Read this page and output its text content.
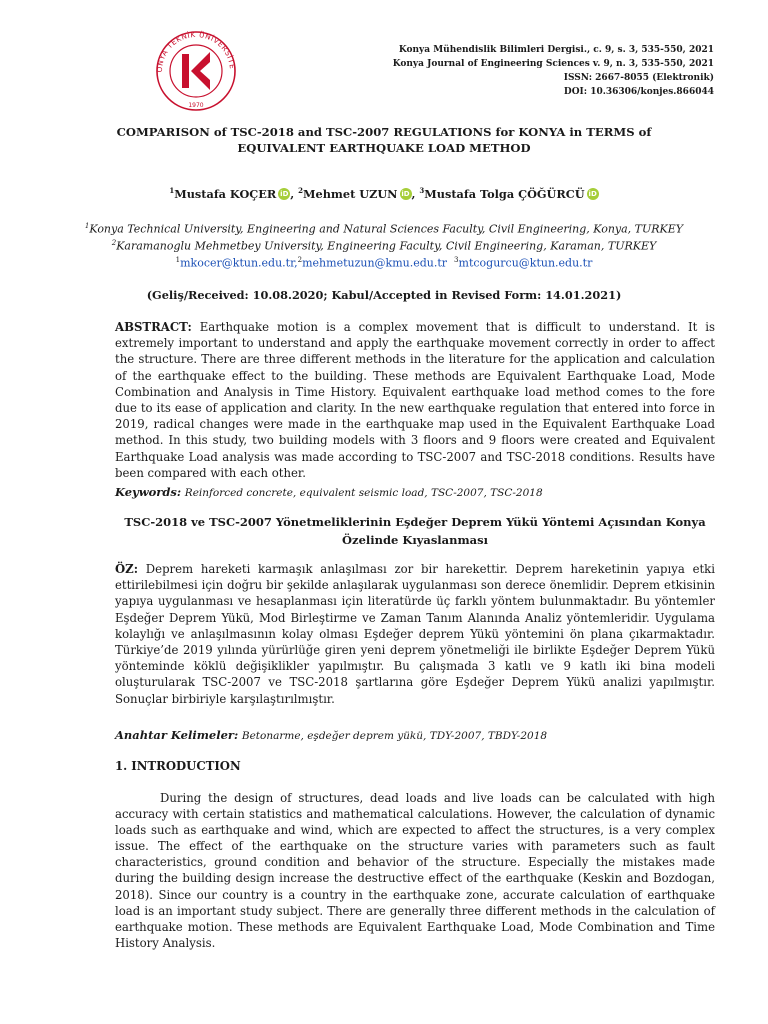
ONYA TEKNİK ÜNİVERSİTE
1970
Konya Mühendislik Bilimleri Dergisi., c. 9, s. 3, 535-550, 2021
Konya Journal of Engineering Sciences v. 9, n. 3, 535-550, 2021
ISSN: 2667-8055 (Elektronik)
DOI: 10.36306/konjes.866044
COMPARISON of TSC-2018 and TSC-2007 REGULATIONS for KONYA in TERMS of
EQUIVALENT EARTHQUAKE LOAD METHOD
$^1$Mustafa KOÇER iD , $^2$Mehmet UZUN iD , $^3$Mustafa Tolga ÇÖĞÜRCÜ iD
$^1$Konya Technical University, Engineering and Natural Sciences Faculty, Civil Engineering, Konya, TURKEY
$^2$Karamanoglu Mehmetbey University, Engineering Faculty, Civil Engineering, Karaman, TURKEY
$^1$mkocer@ktun.edu.tr,$^2$mehmetuzun@kmu.edu.tr $^3$mtcogurcu@ktun.edu.tr
(Geliş/Received: 10.08.2020; Kabul/Accepted in Revised Form: 14.01.2021)
ABSTRACT: Earthquake motion is a complex movement that is difficult to understand. It is extremely important to understand and apply the earthquake movement correctly in order to affect the structure. There are three different methods in the literature for the application and calculation of the earthquake effect to the building. These methods are Equivalent Earthquake Load, Mode Combination and Analysis in Time History. Equivalent earthquake load method comes to the fore due to its ease of application and clarity. In the new earthquake regulation that entered into force in 2019, radical changes were made in the earthquake map used in the Equivalent Earthquake Load method. In this study, two building models with 3 floors and 9 floors were created and Equivalent Earthquake Load analysis was made according to TSC-2007 and TSC-2018 conditions. Results have been compared with each other.
Keywords: Reinforced concrete, equivalent seismic load, TSC-2007, TSC-2018
TSC-2018 ve TSC-2007 Yönetmeliklerinin Eşdeğer Deprem Yükü Yöntemi Açısından Konya Özelinde Kıyaslanması
ÖZ: Deprem hareketi karmaşık anlaşılması zor bir harekettir. Deprem hareketinin yapıya etki ettirilebilmesi için doğru bir şekilde anlaşılarak uygulanması son derece önemlidir. Deprem etkisinin yapıya uygulanması ve hesaplanması için literatürde üç farklı yöntem bulunmaktadır. Bu yöntemler Eşdeğer Deprem Yükü, Mod Birleştirme ve Zaman Tanım Alanında Analiz yöntemleridir. Uygulama kolaylığı ve anlaşılmasının kolay olması Eşdeğer deprem Yükü yöntemini ön plana çıkarmaktadır. Türkiye’de 2019 yılında yürürlüğe giren yeni deprem yönetmeliği ile birlikte Eşdeğer Deprem Yükü yönteminde köklü değişiklikler yapılmıştır. Bu çalışmada 3 katlı ve 9 katlı iki bina modeli oluşturularak TSC-2007 ve TSC-2018 şartlarına göre Eşdeğer Deprem Yükü analizi yapılmıştır. Sonuçlar birbiriyle karşılaştırılmıştır.
Anahtar Kelimeler: Betonarme, eşdeğer deprem yükü, TDY-2007, TBDY-2018
1. INTRODUCTION
During the design of structures, dead loads and live loads can be calculated with high accuracy with certain statistics and mathematical calculations. However, the calculation of dynamic loads such as earthquake and wind, which are expected to affect the structures, is a very complex issue. The effect of the earthquake on the structure varies with parameters such as fault characteristics, ground condition and behavior of the structure. Especially the mistakes made during the building design increase the destructive effect of the earthquake (Keskin and Bozdogan, 2018). Since our country is a country in the earthquake zone, accurate calculation of earthquake load is an important study subject. There are generally three different methods in the calculation of earthquake motion. These methods are Equivalent Earthquake Load, Mode Combination and Time History Analysis.
